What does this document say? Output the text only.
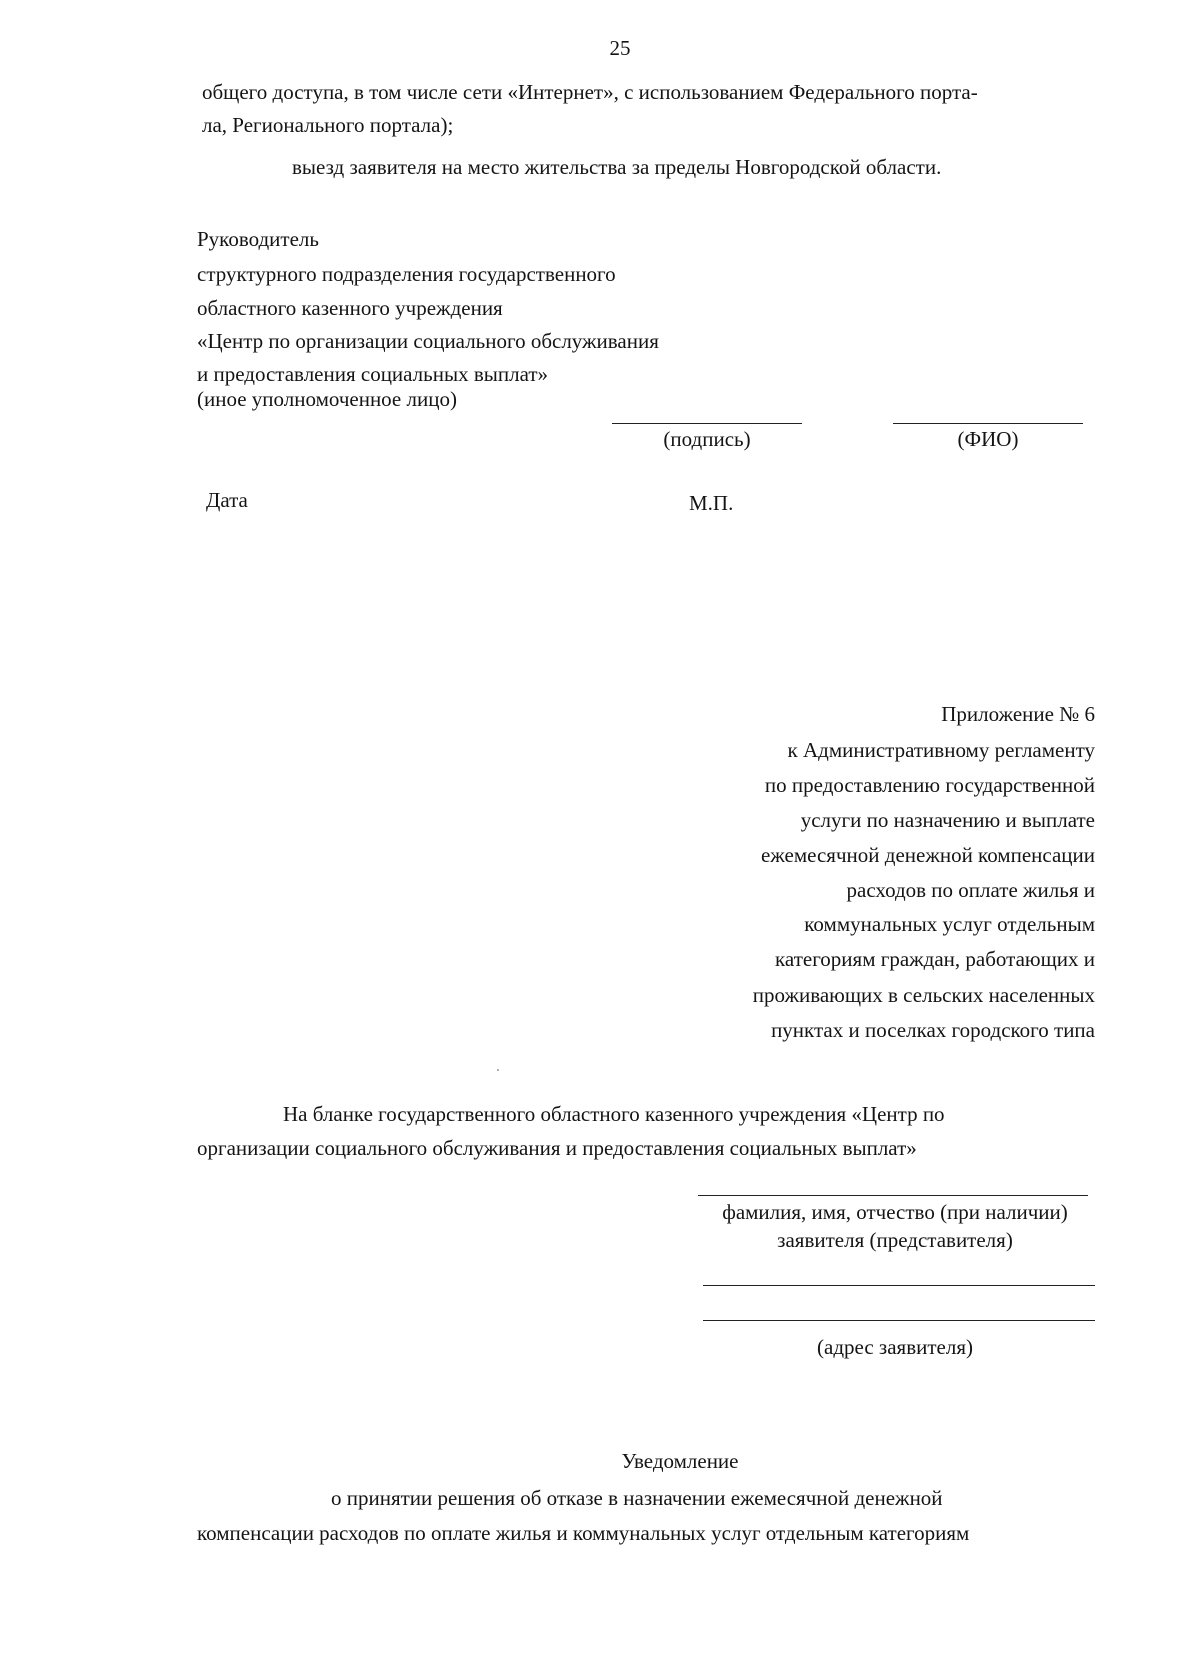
25
общего доступа, в том числе сети «Интернет», с использованием Федерального порта-
ла, Регионального портала);
выезд заявителя на место жительства за пределы Новгородской области.
Руководитель
структурного подразделения государственного
областного казенного учреждения
«Центр по организации социального обслуживания
и предоставления социальных выплат»
(иное уполномоченное лицо)
(подпись)	(ФИО)
Дата	М.П.
Приложение № 6
к Административному регламенту
по предоставлению государственной
услуги по назначению и выплате
ежемесячной денежной компенсации
расходов по оплате жилья и
коммунальных услуг отдельным
категориям граждан, работающих и
проживающих в сельских населенных
пунктах и поселках городского типа
На бланке государственного областного казенного учреждения «Центр по
организации социального обслуживания и предоставления социальных выплат»
фамилия, имя, отчество (при наличии)
заявителя (представителя)
(адрес заявителя)
Уведомление
о принятии решения об отказе в назначении ежемесячной денежной
компенсации расходов по оплате жилья и коммунальных услуг отдельным категориям
